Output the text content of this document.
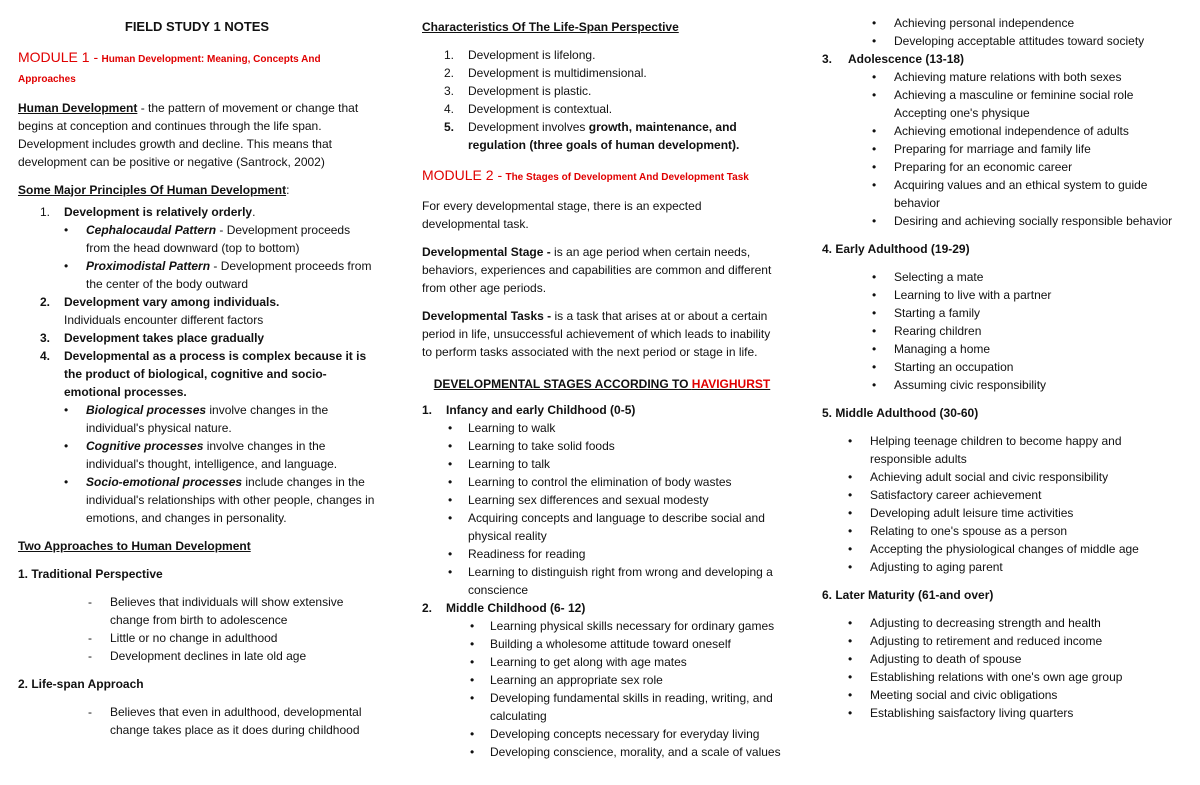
FIELD STUDY 1 NOTES

MODULE 1 - Human Development: Meaning, Concepts And Approaches

Human Development - the pattern of movement or change that begins at conception and continues through the life span. Development includes growth and decline. This means that development can be positive or negative (Santrock, 2002)

Some Major Principles Of Human Development:

1. Development is relatively orderly.
• Cephalocaudal Pattern - Development proceeds from the head downward (top to bottom)
• Proximodistal Pattern - Development proceeds from the center of the body outward
2. Development vary among individuals.
Individuals encounter different factors
3. Development takes place gradually
4. Developmental as a process is complex because it is the product of biological, cognitive and socio-emotional processes.
• Biological processes involve changes in the individual's physical nature.
• Cognitive processes involve changes in the individual's thought, intelligence, and language.
• Socio-emotional processes include changes in the individual's relationships with other people, changes in emotions, and changes in personality.

Two Approaches to Human Development

1. Traditional Perspective

- Believes that individuals will show extensive change from birth to adolescence
- Little or no change in adulthood
- Development declines in late old age

2. Life-span Approach

- Believes that even in adulthood, developmental change takes place as it does during childhood

Characteristics Of The Life-Span Perspective

1. Development is lifelong.
2. Development is multidimensional.
3. Development is plastic.
4. Development is contextual.
5. Development involves growth, maintenance, and regulation (three goals of human development).

MODULE 2 - The Stages of Development And Development Task

For every developmental stage, there is an expected developmental task.

Developmental Stage - is an age period when certain needs, behaviors, experiences and capabilities are common and different from other age periods.

Developmental Tasks - is a task that arises at or about a certain period in life, unsuccessful achievement of which leads to inability to perform tasks associated with the next period or stage in life.

DEVELOPMENTAL STAGES ACCORDING TO HAVIGHURST

1. Infancy and early Childhood (0-5)

• Learning to walk
• Learning to take solid foods
• Learning to talk
• Learning to control the elimination of body wastes
• Learning sex differences and sexual modesty
• Acquiring concepts and language to describe social and physical reality
• Readiness for reading
• Learning to distinguish right from wrong and developing a conscience

2. Middle Childhood (6- 12)

• Learning physical skills necessary for ordinary games
• Building a wholesome attitude toward oneself
• Learning to get along with age mates
• Learning an appropriate sex role
• Developing fundamental skills in reading, writing, and calculating
• Developing concepts necessary for everyday living
• Developing conscience, morality, and a scale of values
• Achieving personal independence
• Developing acceptable attitudes toward society

3. Adolescence (13-18)

• Achieving mature relations with both sexes
• Achieving a masculine or feminine social role Accepting one's physique
• Achieving emotional independence of adults
• Preparing for marriage and family life
• Preparing for an economic career
• Acquiring values and an ethical system to guide behavior
• Desiring and achieving socially responsible behavior

4. Early Adulthood (19-29)

• Selecting a mate
• Learning to live with a partner
• Starting a family
• Rearing children
• Managing a home
• Starting an occupation
• Assuming civic responsibility

5. Middle Adulthood (30-60)

• Helping teenage children to become happy and responsible adults
• Achieving adult social and civic responsibility
• Satisfactory career achievement
• Developing adult leisure time activities
• Relating to one's spouse as a person
• Accepting the physiological changes of middle age
• Adjusting to aging parent

6. Later Maturity (61-and over)

• Adjusting to decreasing strength and health
• Adjusting to retirement and reduced income
• Adjusting to death of spouse
• Establishing relations with one's own age group
• Meeting social and civic obligations
• Establishing saisfactory living quarters
